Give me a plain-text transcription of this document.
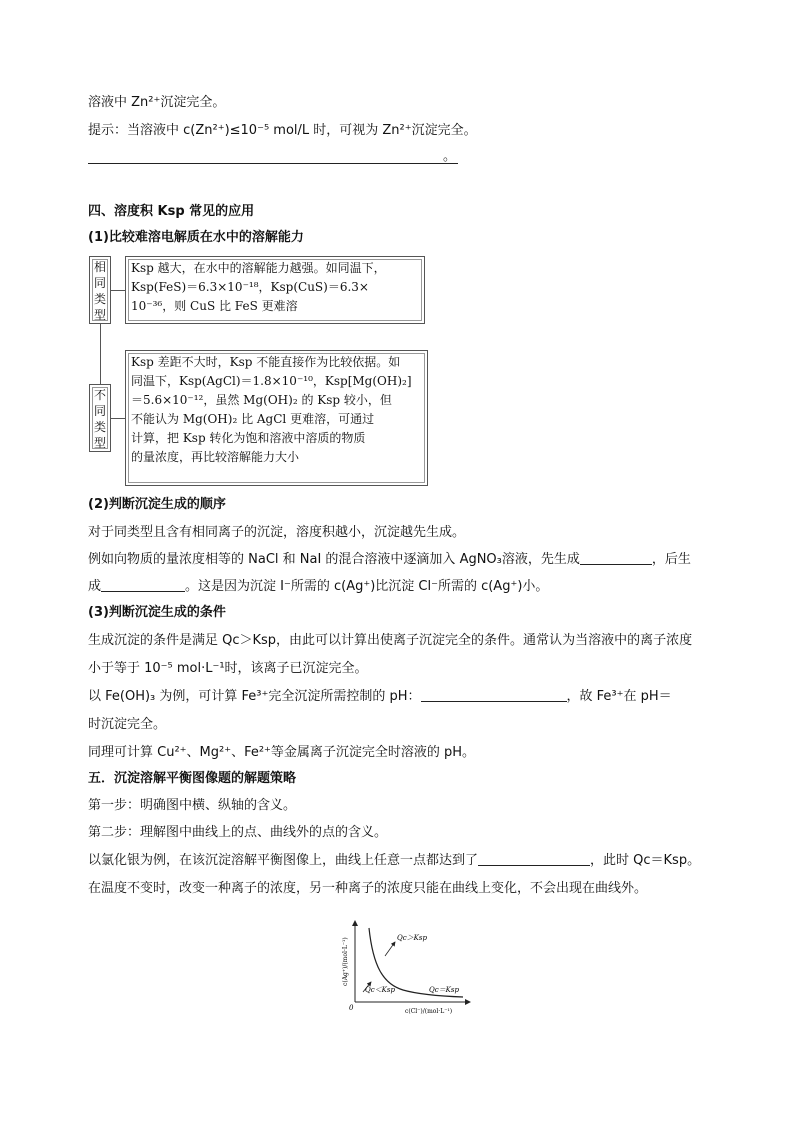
溶液中 Zn²⁺沉淀完全。
提示：当溶液中 c(Zn²⁺)≤10⁻⁵ mol/L 时，可视为 Zn²⁺沉淀完全。
。
四、溶度积 Ksp 常见的应用
(1)比较难溶电解质在水中的溶解能力
相同类型
Ksp 越大，在水中的溶解能力越强。如同温下，
Ksp(FeS)＝6.3×10⁻¹⁸，Ksp(CuS)＝6.3×
10⁻³⁶，则 CuS 比 FeS 更难溶
不同类型
Ksp 差距不大时，Ksp 不能直接作为比较依据。如
同温下，Ksp(AgCl)＝1.8×10⁻¹⁰，Ksp[Mg(OH)₂]
＝5.6×10⁻¹²，虽然 Mg(OH)₂ 的 Ksp 较小，但
不能认为 Mg(OH)₂ 比 AgCl 更难溶，可通过
计算，把 Ksp 转化为饱和溶液中溶质的物质
的量浓度，再比较溶解能力大小
(2)判断沉淀生成的顺序
对于同类型且含有相同离子的沉淀，溶度积越小，沉淀越先生成。
例如向物质的量浓度相等的 NaCl 和 NaI 的混合溶液中逐滴加入 AgNO₃溶液，先生成	，后生
成	。这是因为沉淀 I⁻所需的 c(Ag⁺)比沉淀 Cl⁻所需的 c(Ag⁺)小。
(3)判断沉淀生成的条件
生成沉淀的条件是满足 Qc＞Ksp，由此可以计算出使离子沉淀完全的条件。通常认为当溶液中的离子浓度
小于等于 10⁻⁵ mol·L⁻¹时，该离子已沉淀完全。
以 Fe(OH)₃ 为例，可计算 Fe³⁺完全沉淀所需控制的 pH：	，故 Fe³⁺在 pH＝
时沉淀完全。
同理可计算 Cu²⁺、Mg²⁺、Fe²⁺等金属离子沉淀完全时溶液的 pH。
五．沉淀溶解平衡图像题的解题策略
第一步：明确图中横、纵轴的含义。
第二步：理解图中曲线上的点、曲线外的点的含义。
以氯化银为例，在该沉淀溶解平衡图像上，曲线上任意一点都达到了	，此时 Qc＝Ksp。
在温度不变时，改变一种离子的浓度，另一种离子的浓度只能在曲线上变化，不会出现在曲线外。
Qc＞Ksp
Qc＜Ksp	Qc＝Ksp
0	c(Cl⁻)/(mol·L⁻¹)
c(Ag⁺)/(mol·L⁻¹)
